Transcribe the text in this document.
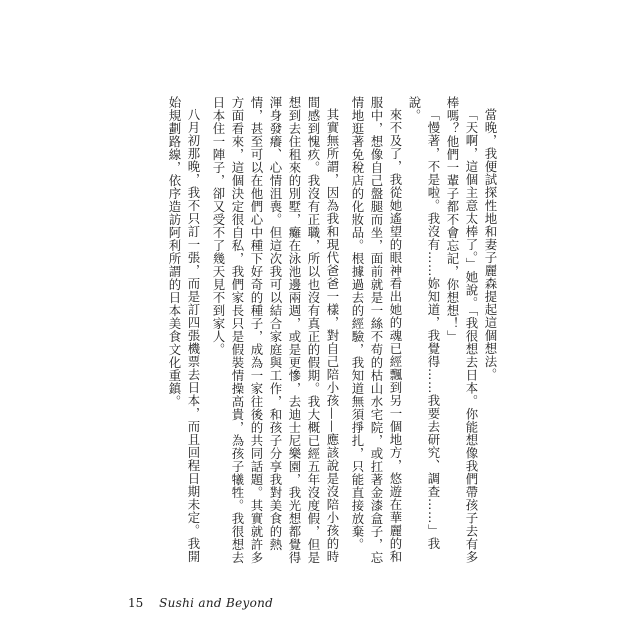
當晚，我便試探性地和妻子麗森提起這個想法。

「天啊，這個主意太棒了。」她說。「我很想去日本。你能想像我們帶孩子去有多棒嗎？他們一輩子都不會忘記，你想想！」

「慢著，不是啦。我沒有……妳知道，我覺得……我要去研究、調查……」我說。

來不及了，我從她遙望的眼神看出她的魂已經飄到另一個地方，悠遊在華麗的和服中，想像自己盤腿而坐，面前就是一絲不苟的枯山水宅院，或扛著金漆盒子，忘情地逛著免稅店的化妝品。根據過去的經驗，我知道無須掙扎，只能直接放棄。

其實無所謂，因為我和現代爸爸一樣，對自己陪小孩——應該說是沒陪小孩的時間感到愧疚。我沒有正職，所以也沒有真正的假期。我大概已經五年沒度假，但是想到去住租來的別墅，癱在泳池邊兩週，或是更慘，去迪士尼樂園，我光想都覺得渾身發癢、心情沮喪。但這次我可以結合家庭與工作，和孩子分享我對美食的熱情，甚至可以在他們心中種下好奇的種子，成為一家往後的共同話題。其實就許多方面看來，這個決定很自私，我們家長只是假裝情操高貴，為孩子犧牲。我很想去日本住一陣子，卻又受不了幾天見不到家人。

八月初那晚，我不只訂一張，而是訂四張機票去日本，而且回程日期未定。我開始規劃路線，依序造訪阿利所謂的日本美食文化重鎮。

15 Sushi and Beyond
